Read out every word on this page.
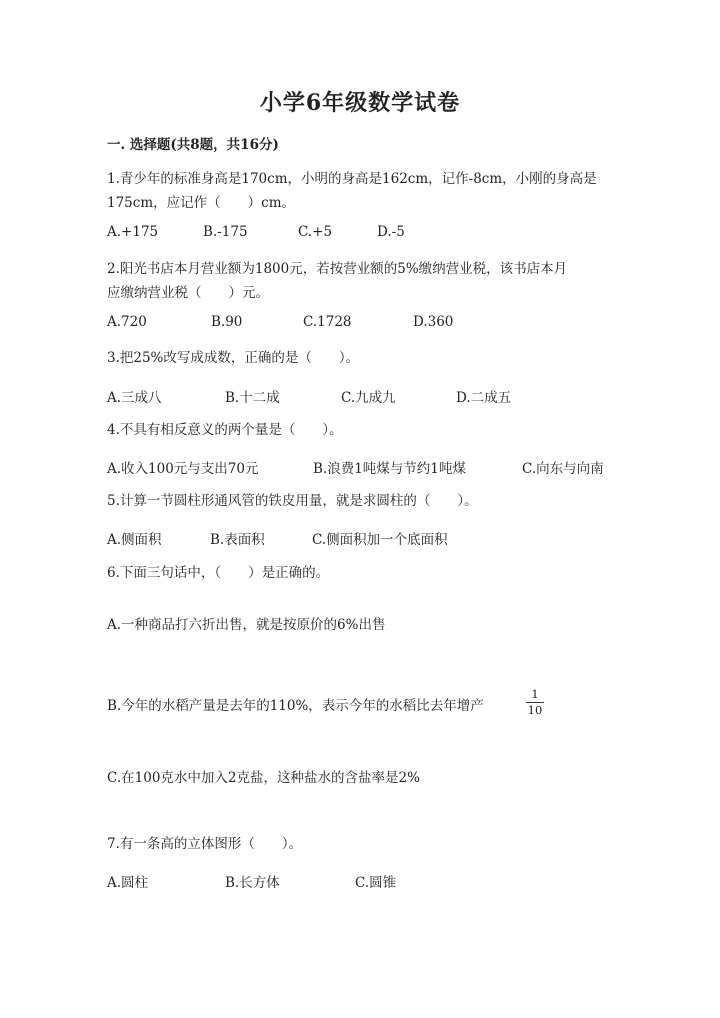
小学6年级数学试卷
一. 选择题(共8题，共16分)
1.青少年的标准身高是170cm，小明的身高是162cm，记作-8cm，小刚的身高是
175cm，应记作（　　）cm。
A.+175	B.-175	C.+5	D.-5
2.阳光书店本月营业额为1800元，若按营业额的5%缴纳营业税，该书店本月
应缴纳营业税（　　）元。
A.720	B.90	C.1728	D.360
3.把25%改写成成数，正确的是（　　）。
A.三成八	B.十二成	C.九成九	D.二成五
4.不具有相反意义的两个量是（　　）。
A.收入100元与支出70元	B.浪费1吨煤与节约1吨煤	C.向东与向南
5.计算一节圆柱形通风管的铁皮用量，就是求圆柱的（　　）。
A.侧面积	B.表面积	C.侧面积加一个底面积
6.下面三句话中，（　　）是正确的。
A.一种商品打六折出售，就是按原价的6%出售
B.今年的水稻产量是去年的110%，表示今年的水稻比去年增产
1
10
C.在100克水中加入2克盐，这种盐水的含盐率是2%
7.有一条高的立体图形（　　）。
A.圆柱	B.长方体	C.圆锥
